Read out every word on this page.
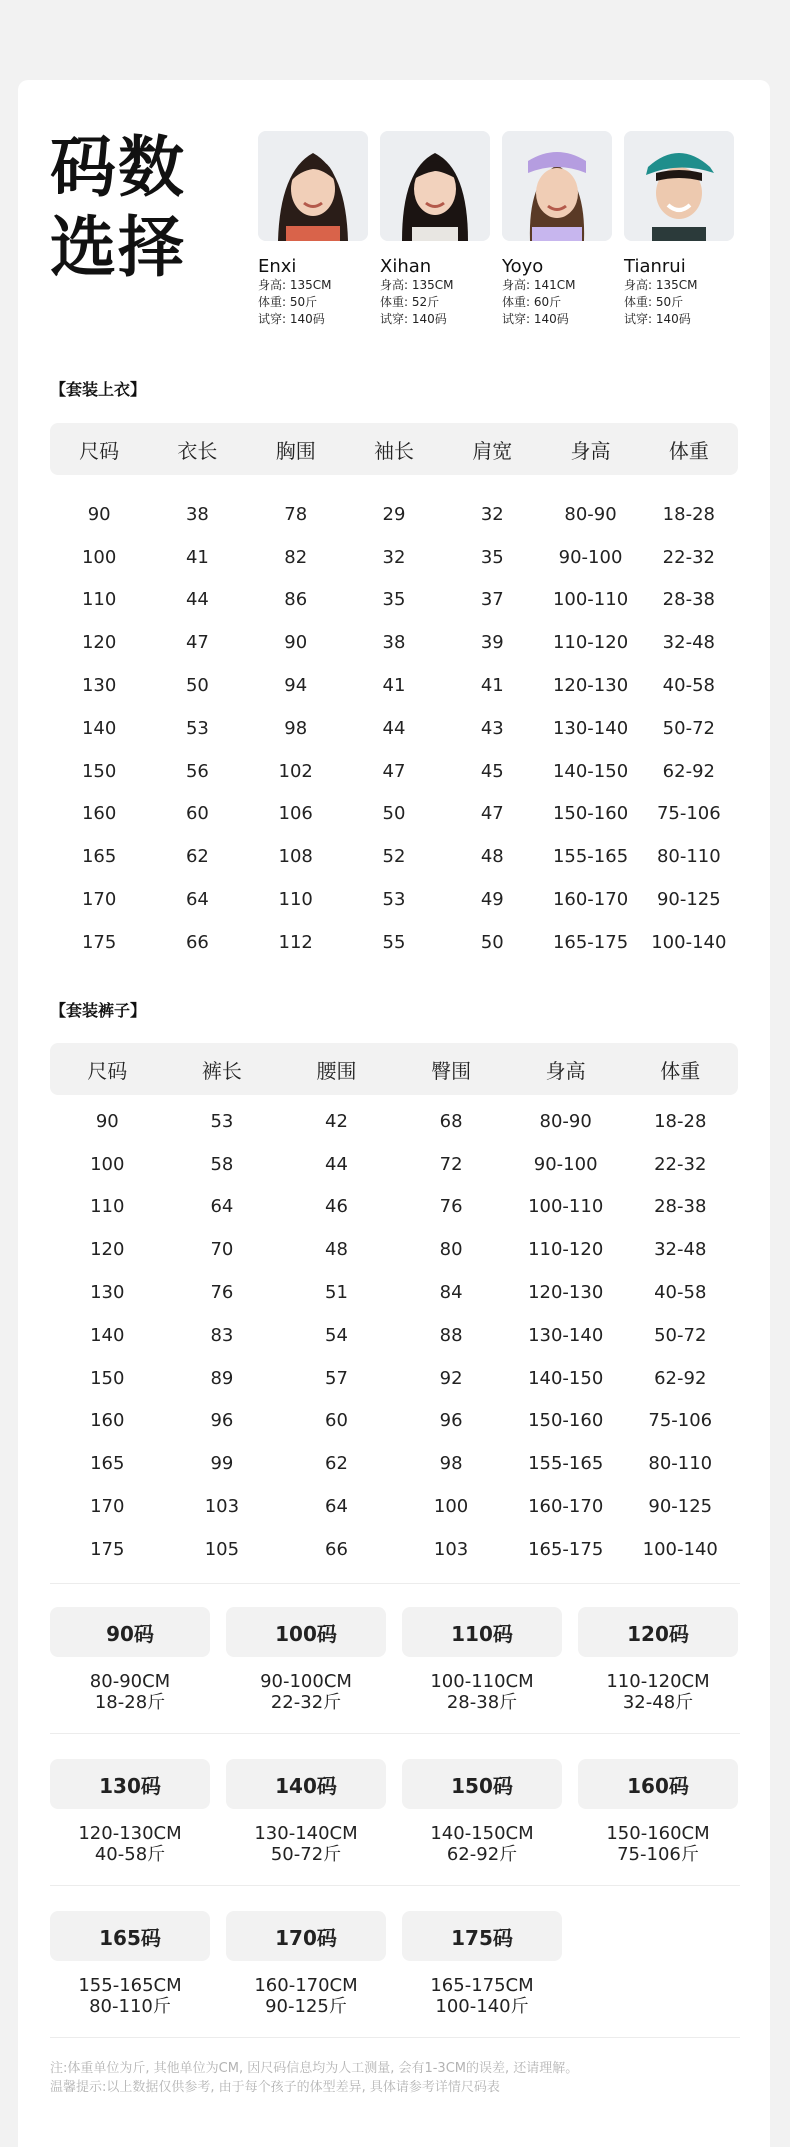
码数
选择	Enxi
身高: 135CM
体重: 50斤
试穿: 140码
Xihan
身高: 135CM
体重: 52斤
试穿: 140码
Yoyo
身高: 141CM
体重: 60斤
试穿: 140码
Tianrui
身高: 135CM
体重: 50斤
试穿: 140码
【套装上衣】
尺码	衣长	胸围	袖长	肩宽	身高	体重
90	38	78	29	32	80-90	18-28
100	41	82	32	35	90-100	22-32
110	44	86	35	37	100-110	28-38
120	47	90	38	39	110-120	32-48
130	50	94	41	41	120-130	40-58
140	53	98	44	43	130-140	50-72
150	56	102	47	45	140-150	62-92
160	60	106	50	47	150-160	75-106
165	62	108	52	48	155-165	80-110
170	64	110	53	49	160-170	90-125
175	66	112	55	50	165-175	100-140
【套装裤子】
尺码	裤长	腰围	臀围	身高	体重
90	53	42	68	80-90	18-28
100	58	44	72	90-100	22-32
110	64	46	76	100-110	28-38
120	70	48	80	110-120	32-48
130	76	51	84	120-130	40-58
140	83	54	88	130-140	50-72
150	89	57	92	140-150	62-92
160	96	60	96	150-160	75-106
165	99	62	98	155-165	80-110
170	103	64	100	160-170	90-125
175	105	66	103	165-175	100-140
90码
80-90CM
18-28斤
100码
90-100CM
22-32斤
110码
100-110CM
28-38斤
120码
110-120CM
32-48斤
130码
120-130CM
40-58斤
140码
130-140CM
50-72斤
150码
140-150CM
62-92斤
160码
150-160CM
75-106斤
165码
155-165CM
80-110斤
170码
160-170CM
90-125斤
175码
165-175CM
100-140斤
注:体重单位为斤, 其他单位为CM, 因尺码信息均为人工测量, 会有1-3CM的误差, 还请理解。
温馨提示:以上数据仅供参考, 由于每个孩子的体型差异, 具体请参考详情尺码表
